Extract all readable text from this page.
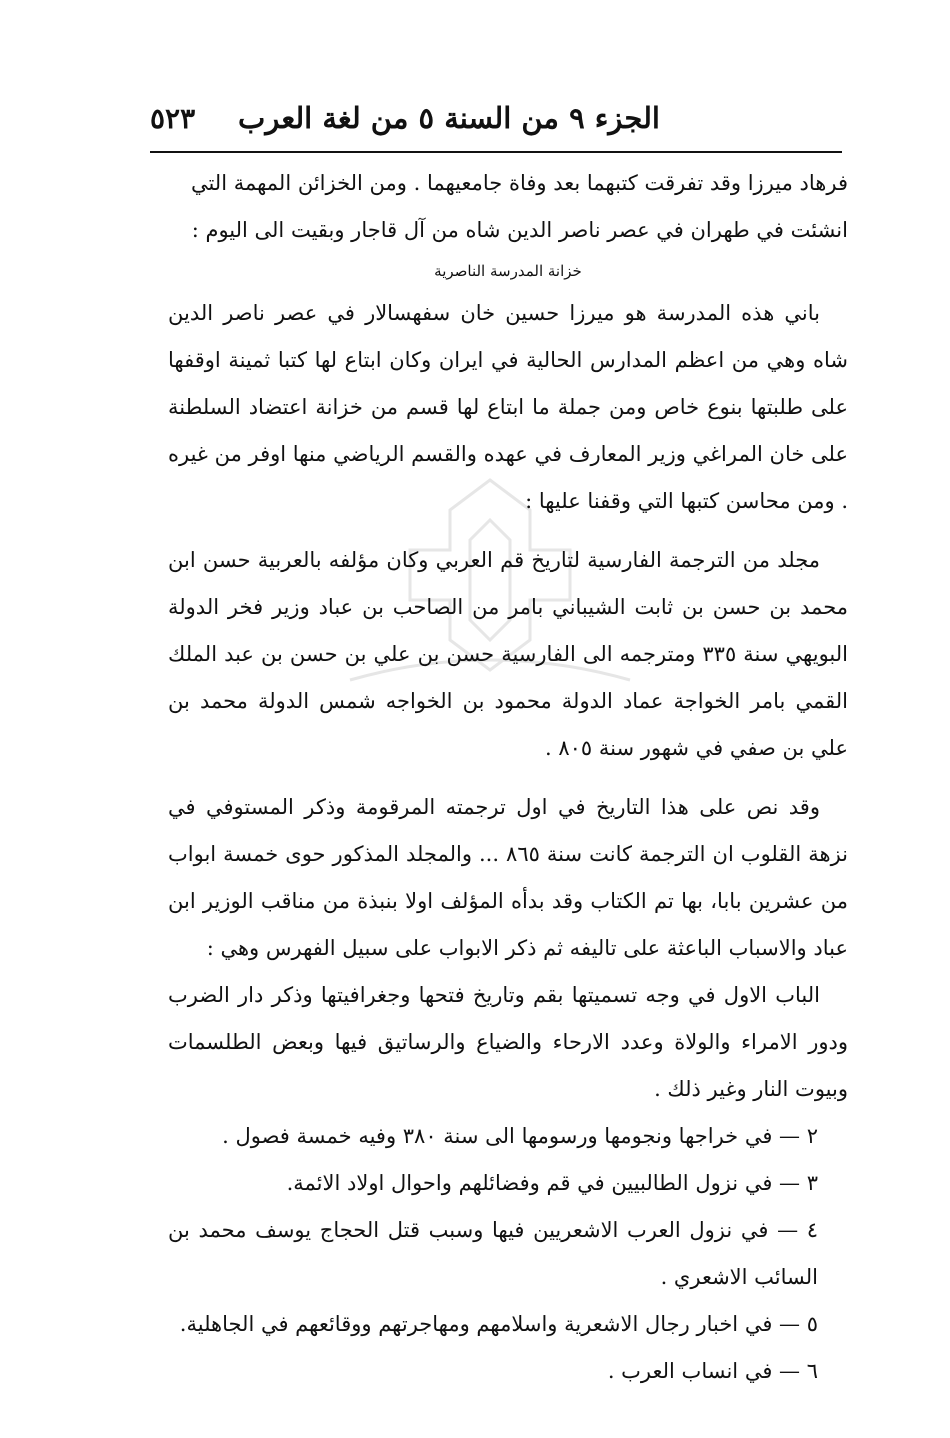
الجزء ٩ من السنة ٥ من لغة العرب
٥٢٣

فرهاد ميرزا وقد تفرقت كتبهما بعد وفاة جامعيهما . ومن الخزائن المهمة التي

انشئت في طهران في عصر ناصر الدين شاه من آل قاجار وبقيت الى اليوم :

خزانة المدرسة الناصرية

باني هذه المدرسة هو ميرزا حسين خان سفهسالار في عصر ناصر الدين شاه وهي من اعظم المدارس الحالية في ايران وكان ابتاع لها كتبا ثمينة اوقفها على طلبتها بنوع خاص ومن جملة ما ابتاع لها قسم من خزانة اعتضاد السلطنة على خان المراغي وزير المعارف في عهده والقسم الرياضي منها اوفر من غيره . ومن محاسن كتبها التي وقفنا عليها :

مجلد من الترجمة الفارسية لتاريخ قم العربي وكان مؤلفه بالعربية حسن ابن محمد بن حسن بن ثابت الشيباني بامر من الصاحب بن عباد وزير فخر الدولة البويهي سنة ٣٣٥ ومترجمه الى الفارسية حسن بن علي بن حسن بن عبد الملك القمي بامر الخواجة عماد الدولة محمود بن الخواجه شمس الدولة محمد بن علي بن صفي في شهور سنة ٨٠٥ .

وقد نص على هذا التاريخ في اول ترجمته المرقومة وذكر المستوفي في نزهة القلوب ان الترجمة كانت سنة ٨٦٥ ... والمجلد المذكور حوى خمسة ابواب من عشرين بابا، بها تم الكتاب وقد بدأه المؤلف اولا بنبذة من مناقب الوزير ابن عباد والاسباب الباعثة على تاليفه ثم ذكر الابواب على سبيل الفهرس وهي :

الباب الاول في وجه تسميتها بقم وتاريخ فتحها وجغرافيتها وذكر دار الضرب ودور الامراء والولاة وعدد الارحاء والضياع والرساتيق فيها وبعض الطلسمات وبيوت النار وغير ذلك .

٢ — في خراجها ونجومها ورسومها الى سنة ٣٨٠ وفيه خمسة فصول .

٣ — في نزول الطالبيين في قم وفضائلهم واحوال اولاد الائمة.

٤ — في نزول العرب الاشعريين فيها وسبب قتل الحجاج يوسف محمد بن السائب الاشعري .

٥ — في اخبار رجال الاشعرية واسلامهم ومهاجرتهم ووقائعهم في الجاهلية.

٦ — في انساب العرب .
